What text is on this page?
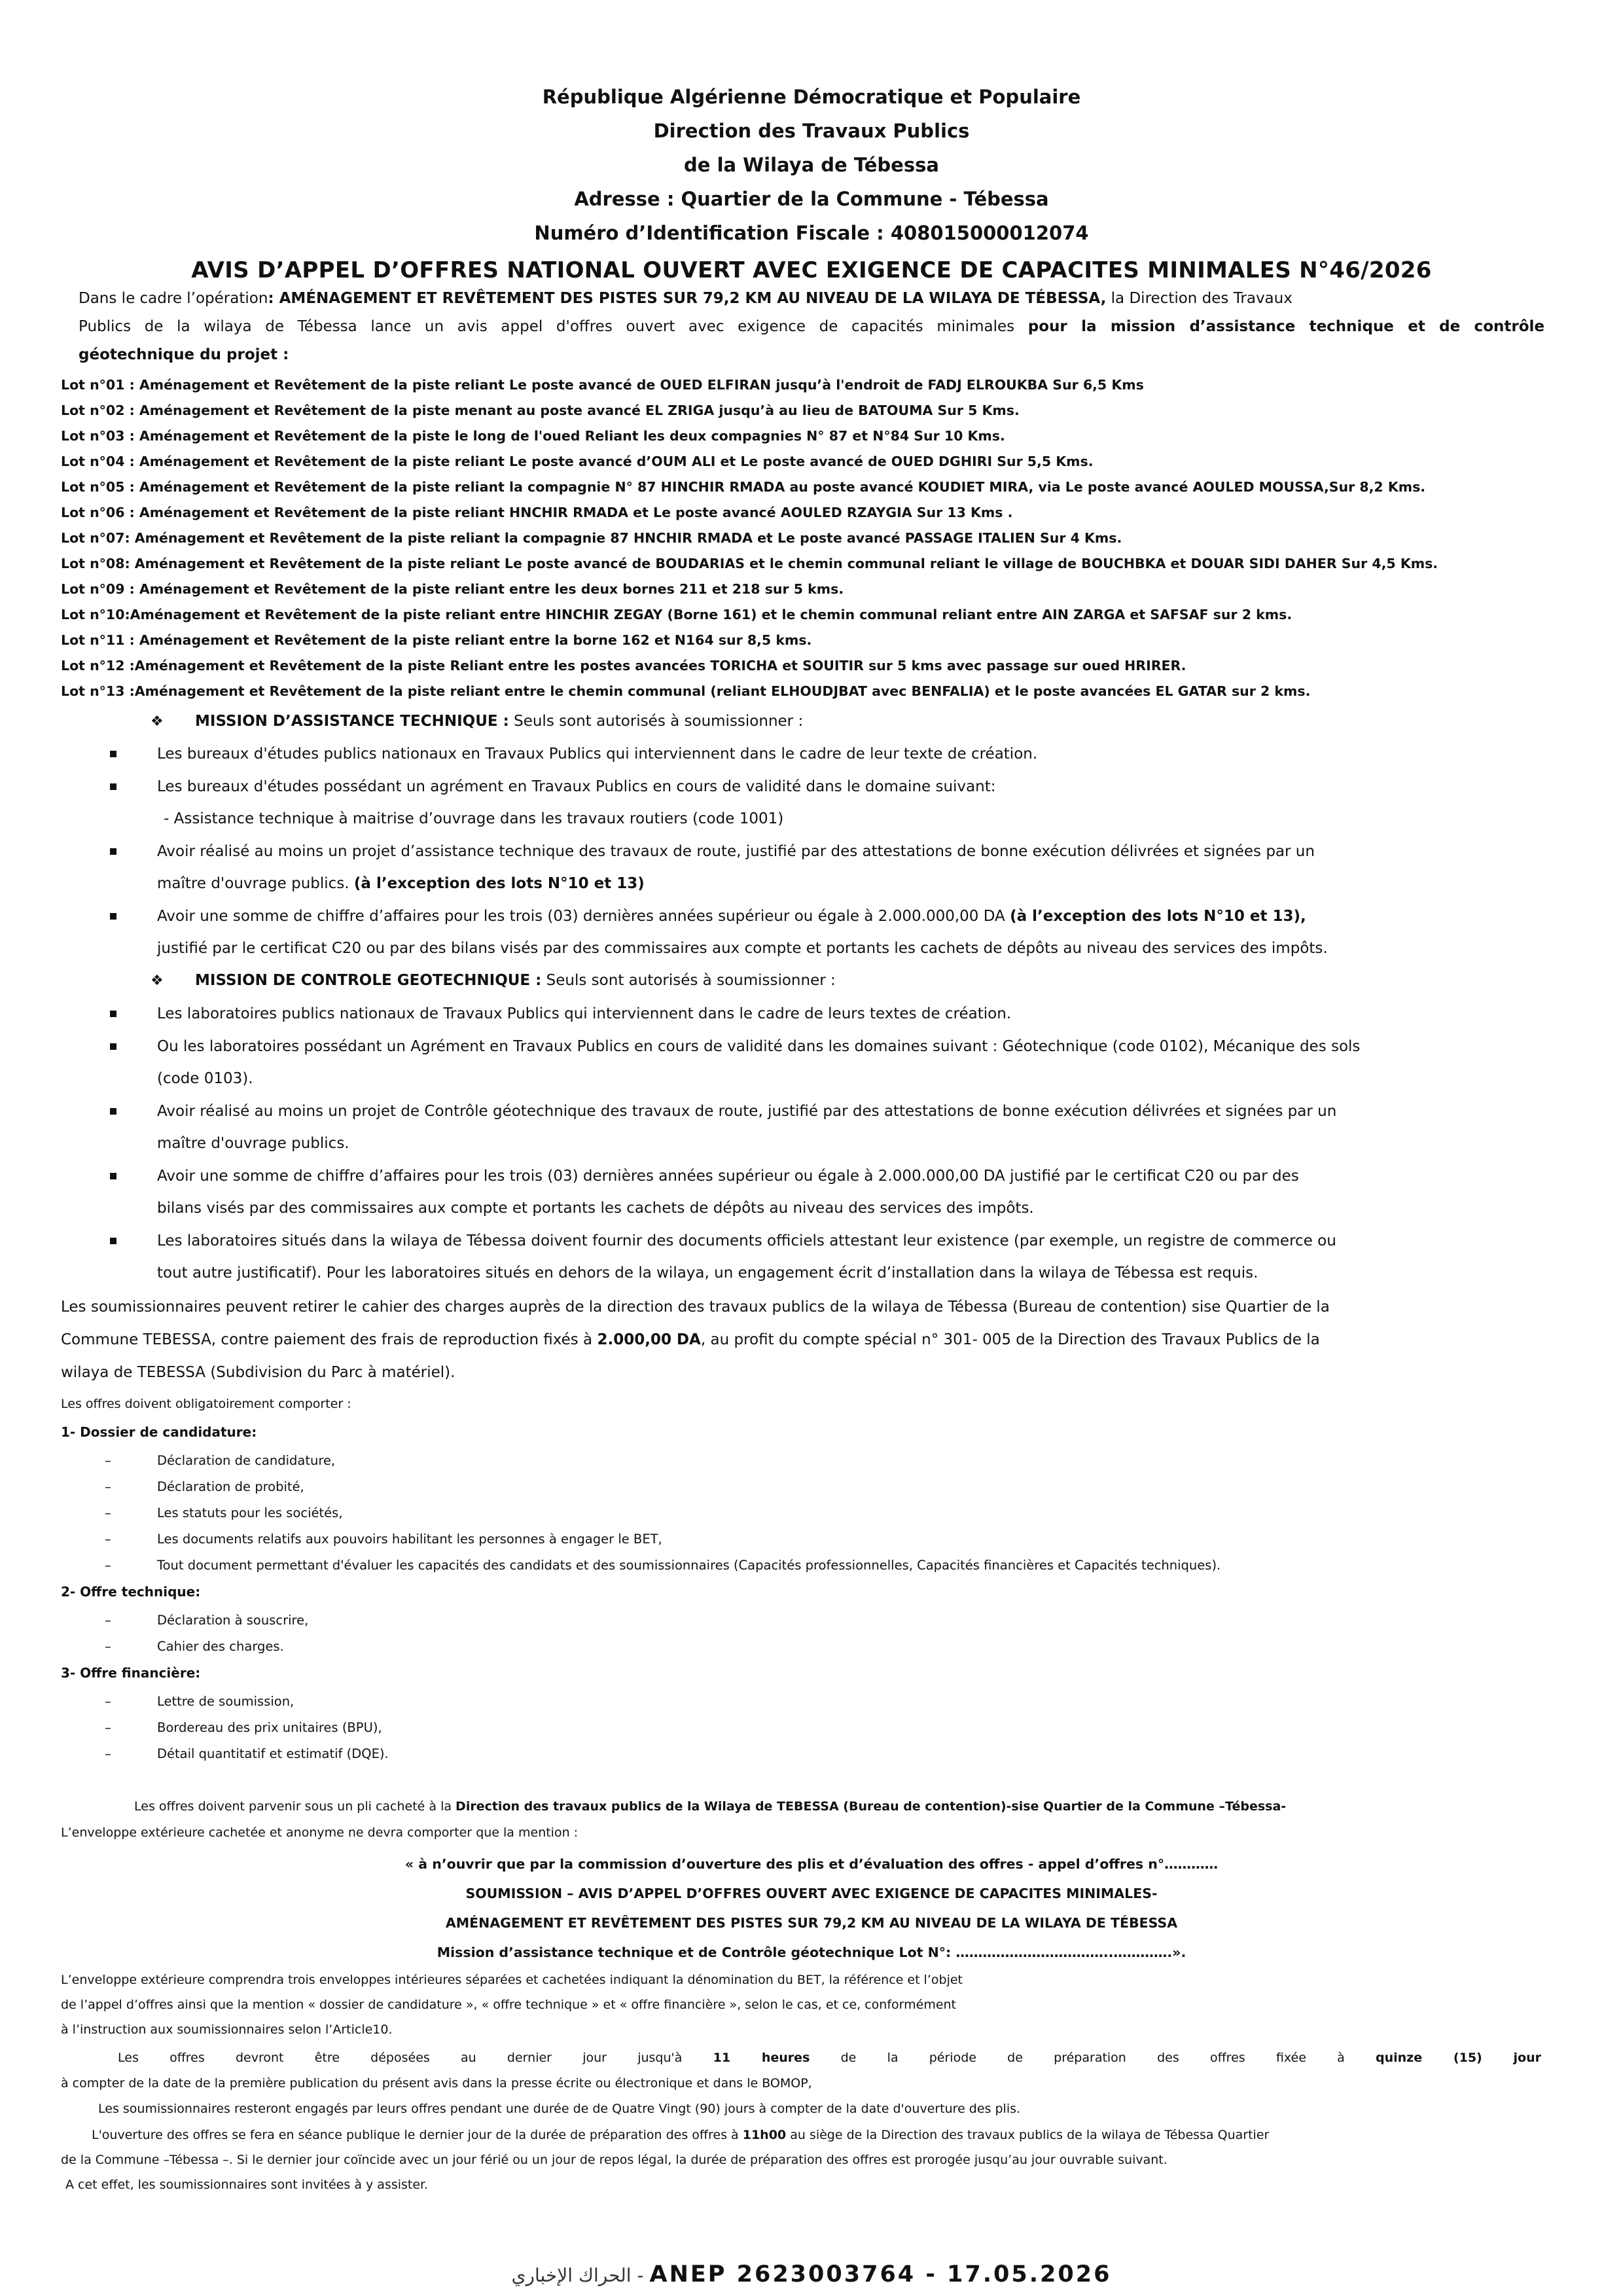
République Algérienne Démocratique et Populaire
Direction des Travaux Publics
de la Wilaya de Tébessa
Adresse : Quartier de la Commune - Tébessa
Numéro d’Identification Fiscale : 408015000012074
AVIS D’APPEL D’OFFRES NATIONAL OUVERT AVEC EXIGENCE DE CAPACITES MINIMALES N°46/2026
Dans le cadre l’opération: AMÉNAGEMENT ET REVÊTEMENT DES PISTES SUR 79,2 KM AU NIVEAU DE LA WILAYA DE TÉBESSA, la Direction des Travaux
Publics de la wilaya de Tébessa lance un avis appel d'offres ouvert avec exigence de capacités minimales pour la mission d’assistance technique et de contrôle
géotechnique du projet :
Lot n°01 : Aménagement et Revêtement de la piste reliant Le poste avancé de OUED ELFIRAN jusqu’à l'endroit de FADJ ELROUKBA Sur 6,5 Kms
Lot n°02 : Aménagement et Revêtement de la piste menant au poste avancé EL ZRIGA jusqu’à au lieu de BATOUMA Sur 5 Kms.
Lot n°03 : Aménagement et Revêtement de la piste le long de l'oued Reliant les deux compagnies N° 87 et N°84 Sur 10 Kms.
Lot n°04 : Aménagement et Revêtement de la piste reliant Le poste avancé d’OUM ALI et Le poste avancé de OUED DGHIRI Sur 5,5 Kms.
Lot n°05 : Aménagement et Revêtement de la piste reliant la compagnie N° 87 HINCHIR RMADA au poste avancé KOUDIET MIRA, via Le poste avancé AOULED MOUSSA,Sur 8,2 Kms.
Lot n°06 : Aménagement et Revêtement de la piste reliant HNCHIR RMADA et Le poste avancé AOULED RZAYGIA Sur 13 Kms .
Lot n°07: Aménagement et Revêtement de la piste reliant la compagnie 87 HNCHIR RMADA et Le poste avancé PASSAGE ITALIEN Sur 4 Kms.
Lot n°08: Aménagement et Revêtement de la piste reliant Le poste avancé de BOUDARIAS et le chemin communal reliant le village de BOUCHBKA et DOUAR SIDI DAHER Sur 4,5 Kms.
Lot n°09 : Aménagement et Revêtement de la piste reliant entre les deux bornes 211 et 218 sur 5 kms.
Lot n°10:Aménagement et Revêtement de la piste reliant entre HINCHIR ZEGAY (Borne 161) et le chemin communal reliant entre AIN ZARGA et SAFSAF sur 2 kms.
Lot n°11 : Aménagement et Revêtement de la piste reliant entre la borne 162 et N164 sur 8,5 kms.
Lot n°12 :Aménagement et Revêtement de la piste Reliant entre les postes avancées TORICHA et SOUITIR sur 5 kms avec passage sur oued HRIRER.
Lot n°13 :Aménagement et Revêtement de la piste reliant entre le chemin communal (reliant ELHOUDJBAT avec BENFALIA) et le poste avancées EL GATAR sur 2 kms.
❖ MISSION D’ASSISTANCE TECHNIQUE : Seuls sont autorisés à soumissionner :
Les bureaux d'études publics nationaux en Travaux Publics qui interviennent dans le cadre de leur texte de création.
Les bureaux d'études possédant un agrément en Travaux Publics en cours de validité dans le domaine suivant:
- Assistance technique à maitrise d’ouvrage dans les travaux routiers (code 1001)
Avoir réalisé au moins un projet d’assistance technique des travaux de route, justifié par des attestations de bonne exécution délivrées et signées par un
maître d'ouvrage publics. (à l’exception des lots N°10 et 13)
Avoir une somme de chiffre d’affaires pour les trois (03) dernières années supérieur ou égale à 2.000.000,00 DA (à l’exception des lots N°10 et 13),
justifié par le certificat C20 ou par des bilans visés par des commissaires aux compte et portants les cachets de dépôts au niveau des services des impôts.
❖ MISSION DE CONTROLE GEOTECHNIQUE : Seuls sont autorisés à soumissionner :
Les laboratoires publics nationaux de Travaux Publics qui interviennent dans le cadre de leurs textes de création.
Ou les laboratoires possédant un Agrément en Travaux Publics en cours de validité dans les domaines suivant : Géotechnique (code 0102), Mécanique des sols
(code 0103).
Avoir réalisé au moins un projet de Contrôle géotechnique des travaux de route, justifié par des attestations de bonne exécution délivrées et signées par un
maître d'ouvrage publics.
Avoir une somme de chiffre d’affaires pour les trois (03) dernières années supérieur ou égale à 2.000.000,00 DA justifié par le certificat C20 ou par des
bilans visés par des commissaires aux compte et portants les cachets de dépôts au niveau des services des impôts.
Les laboratoires situés dans la wilaya de Tébessa doivent fournir des documents officiels attestant leur existence (par exemple, un registre de commerce ou
tout autre justificatif). Pour les laboratoires situés en dehors de la wilaya, un engagement écrit d’installation dans la wilaya de Tébessa est requis.
Les soumissionnaires peuvent retirer le cahier des charges auprès de la direction des travaux publics de la wilaya de Tébessa (Bureau de contention) sise Quartier de la
Commune TEBESSA, contre paiement des frais de reproduction fixés à 2.000,00 DA, au profit du compte spécial n° 301- 005 de la Direction des Travaux Publics de la
wilaya de TEBESSA (Subdivision du Parc à matériel).
Les offres doivent obligatoirement comporter :
1- Dossier de candidature:
–	Déclaration de candidature,
–	Déclaration de probité,
–	Les statuts pour les sociétés,
–	Les documents relatifs aux pouvoirs habilitant les personnes à engager le BET,
–	Tout document permettant d'évaluer les capacités des candidats et des soumissionnaires (Capacités professionnelles, Capacités financières et Capacités techniques).
2- Offre technique:
–	Déclaration à souscrire,
–	Cahier des charges.
3- Offre financière:
–	Lettre de soumission,
–	Bordereau des prix unitaires (BPU),
–	Détail quantitatif et estimatif (DQE).
Les offres doivent parvenir sous un pli cacheté à la Direction des travaux publics de la Wilaya de TEBESSA (Bureau de contention)-sise Quartier de la Commune –Tébessa-
L’enveloppe extérieure cachetée et anonyme ne devra comporter que la mention :
« à n’ouvrir que par la commission d’ouverture des plis et d’évaluation des offres - appel d’offres n°…………
SOUMISSION – AVIS D’APPEL D’OFFRES OUVERT AVEC EXIGENCE DE CAPACITES MINIMALES-
AMÉNAGEMENT ET REVÊTEMENT DES PISTES SUR 79,2 KM AU NIVEAU DE LA WILAYA DE TÉBESSA
Mission d’assistance technique et de Contrôle géotechnique Lot N°: ……………………………..………….».
L’enveloppe extérieure comprendra trois enveloppes intérieures séparées et cachetées indiquant la dénomination du BET, la référence et l’objet
de l’appel d’offres ainsi que la mention « dossier de candidature », « offre technique » et « offre financière », selon le cas, et ce, conformément
à l’instruction aux soumissionnaires selon l’Article10.
Les offres devront être déposées au dernier jour jusqu'à 11 heures de la période de préparation des offres fixée à quinze (15) jour
à compter de la date de la première publication du présent avis dans la presse écrite ou électronique et dans le BOMOP,
Les soumissionnaires resteront engagés par leurs offres pendant une durée de de Quatre Vingt (90) jours à compter de la date d'ouverture des plis.
L'ouverture des offres se fera en séance publique le dernier jour de la durée de préparation des offres à 11h00 au siège de la Direction des travaux publics de la wilaya de Tébessa Quartier
de la Commune –Tébessa –. Si le dernier jour coïncide avec un jour férié ou un jour de repos légal, la durée de préparation des offres est prorogée jusqu’au jour ouvrable suivant.
A cet effet, les soumissionnaires sont invitées à y assister.
الحراك الإخباري - ANEP 2623003764 - 17.05.2026
